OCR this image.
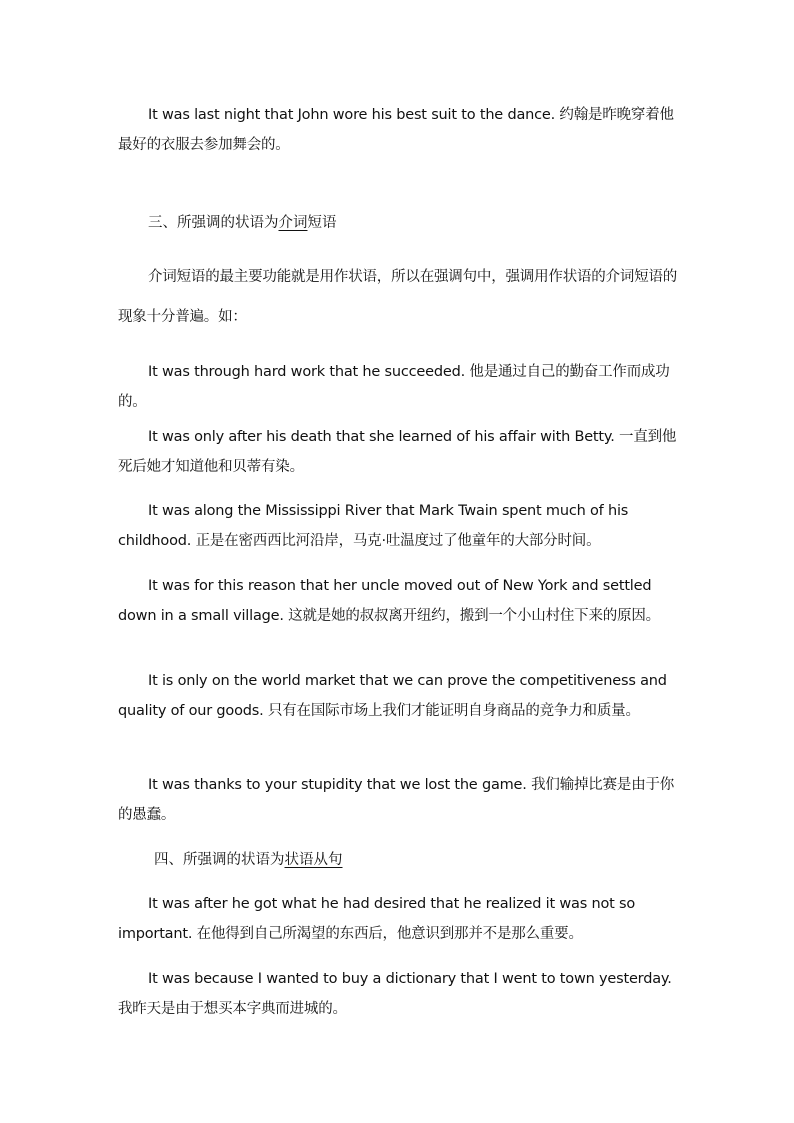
It was last night that John wore his best suit to the dance. 约翰是昨晚穿着他最好的衣服去参加舞会的。

三、所强调的状语为介词短语

介词短语的最主要功能就是用作状语，所以在强调句中，强调用作状语的介词短语的现象十分普遍。如：

It was through hard work that he succeeded. 他是通过自己的勤奋工作而成功的。

It was only after his death that she learned of his affair with Betty. 一直到他死后她才知道他和贝蒂有染。

It was along the Mississippi River that Mark Twain spent much of his childhood. 正是在密西西比河沿岸，马克·吐温度过了他童年的大部分时间。

It was for this reason that her uncle moved out of New York and settled down in a small village. 这就是她的叔叔离开纽约，搬到一个小山村住下来的原因。

It is only on the world market that we can prove the competitiveness and quality of our goods. 只有在国际市场上我们才能证明自身商品的竞争力和质量。

It was thanks to your stupidity that we lost the game. 我们输掉比赛是由于你的愚蠢。

四、所强调的状语为状语从句

It was after he got what he had desired that he realized it was not so important. 在他得到自己所渴望的东西后，他意识到那并不是那么重要。

It was because I wanted to buy a dictionary that I went to town yesterday. 我昨天是由于想买本字典而进城的。
